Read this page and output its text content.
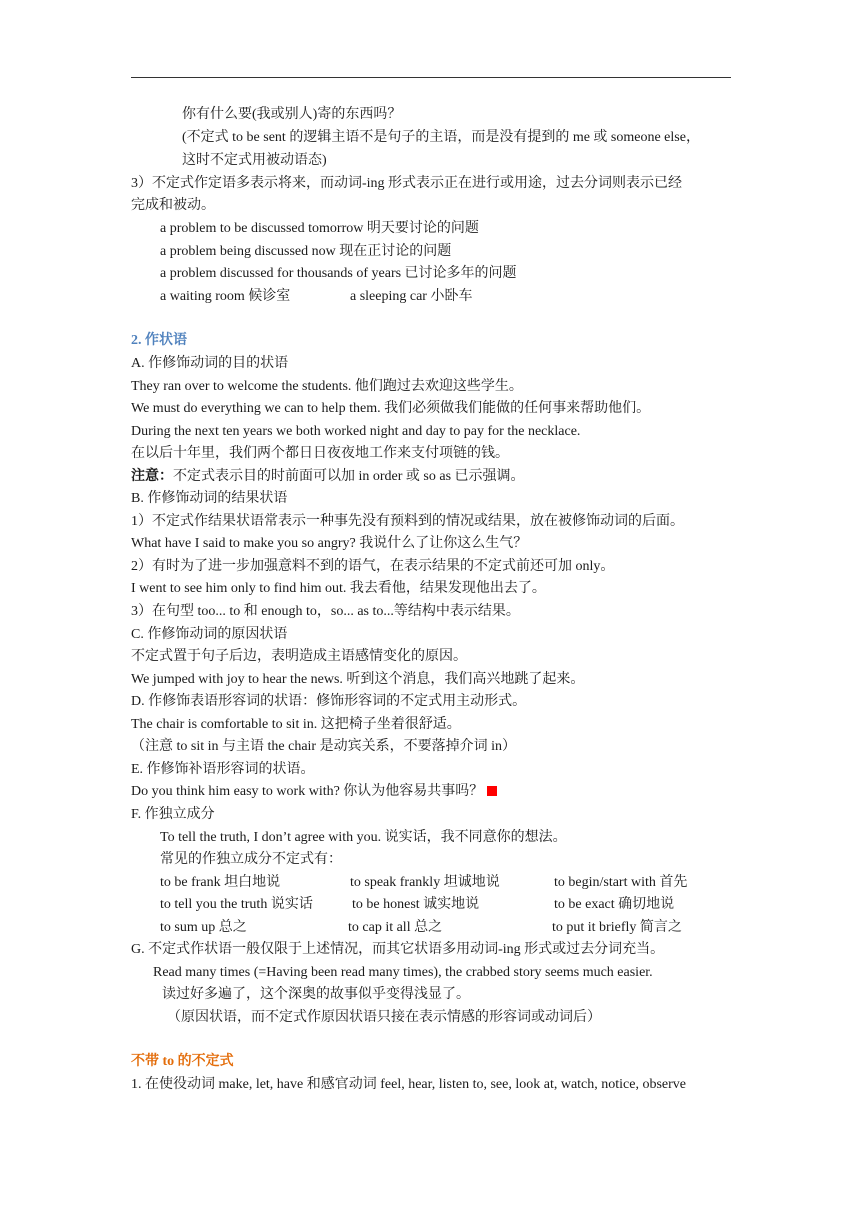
你有什么要(我或别人)寄的东西吗？
(不定式 to be sent 的逻辑主语不是句子的主语，而是没有提到的 me 或 someone else，
这时不定式用被动语态)
3）不定式作定语多表示将来，而动词-ing 形式表示正在进行或用途，过去分词则表示已经
完成和被动。
a problem to be discussed tomorrow 明天要讨论的问题
a problem being discussed now 现在正讨论的问题
a problem discussed for thousands of years 已讨论多年的问题
a waiting room 候诊室	a sleeping car 小卧车
2. 作状语
A. 作修饰动词的目的状语
They ran over to welcome the students. 他们跑过去欢迎这些学生。
We must do everything we can to help them. 我们必须做我们能做的任何事来帮助他们。
During the next ten years we both worked night and day to pay for the necklace.
在以后十年里，我们两个都日日夜夜地工作来支付项链的钱。
注意：不定式表示目的时前面可以加 in order 或 so as 已示强调。
B. 作修饰动词的结果状语
1）不定式作结果状语常表示一种事先没有预料到的情况或结果，放在被修饰动词的后面。
What have I said to make you so angry? 我说什么了让你这么生气？
2）有时为了进一步加强意料不到的语气，在表示结果的不定式前还可加 only。
I went to see him only to find him out. 我去看他，结果发现他出去了。
3）在句型 too... to 和 enough to，so... as to...等结构中表示结果。
C. 作修饰动词的原因状语
不定式置于句子后边，表明造成主语感情变化的原因。
We jumped with joy to hear the news. 听到这个消息，我们高兴地跳了起来。
D. 作修饰表语形容词的状语：修饰形容词的不定式用主动形式。
The chair is comfortable to sit in. 这把椅子坐着很舒适。
（注意 to sit in 与主语 the chair 是动宾关系，不要落掉介词 in）
E. 作修饰补语形容词的状语。
Do you think him easy to work with? 你认为他容易共事吗？
F. 作独立成分
To tell the truth, I don’t agree with you. 说实话，我不同意你的想法。
常见的作独立成分不定式有：
to be frank 坦白地说	to speak frankly 坦诚地说	to begin/start with 首先
to tell you the truth 说实话	to be honest 诚实地说	to be exact 确切地说
to sum up 总之	to cap it all 总之	to put it briefly 简言之
G. 不定式作状语一般仅限于上述情况，而其它状语多用动词-ing 形式或过去分词充当。
Read many times (=Having been read many times), the crabbed story seems much easier.
读过好多遍了，这个深奥的故事似乎变得浅显了。
（原因状语，而不定式作原因状语只接在表示情感的形容词或动词后）
不带 to 的不定式
1. 在使役动词 make, let, have 和感官动词 feel, hear, listen to, see, look at, watch, notice, observe
